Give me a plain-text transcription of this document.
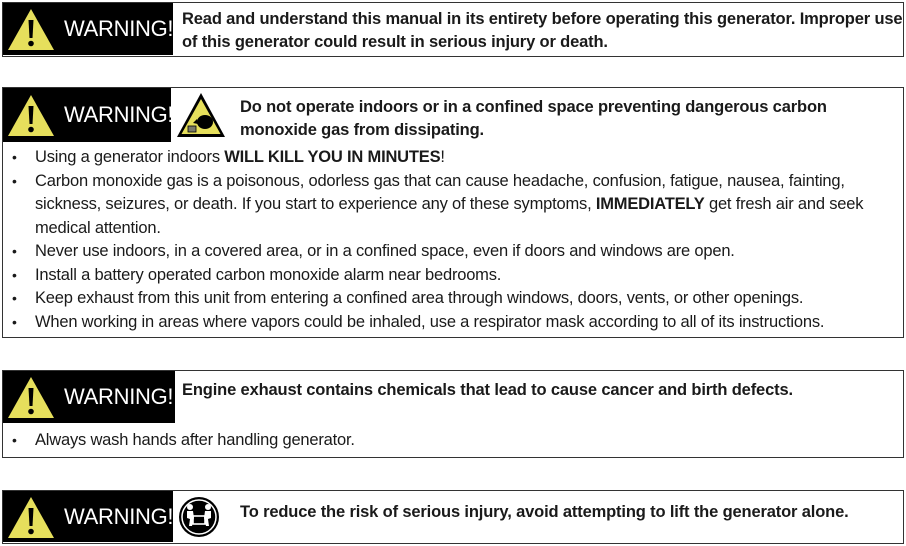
WARNING! Read and understand this manual in its entirety before operating this generator. Improper use of this generator could result in serious injury or death.
WARNING!	Do not operate indoors or in a confined space preventing dangerous carbon
monoxide gas from dissipating.
• Using a generator indoors WILL KILL YOU IN MINUTES!
• Carbon monoxide gas is a poisonous, odorless gas that can cause headache, confusion, fatigue, nausea, fainting, sickness, seizures, or death. If you start to experience any of these symptoms, IMMEDIATELY get fresh air and seek medical attention.
• Never use indoors, in a covered area, or in a confined space, even if doors and windows are open.
• Install a battery operated carbon monoxide alarm near bedrooms.
• Keep exhaust from this unit from entering a confined area through windows, doors, vents, or other openings.
• When working in areas where vapors could be inhaled, use a respirator mask according to all of its instructions.
WARNING! Engine exhaust contains chemicals that lead to cause cancer and birth defects.
• Always wash hands after handling generator.
WARNING!	To reduce the risk of serious injury, avoid attempting to lift the generator alone.
